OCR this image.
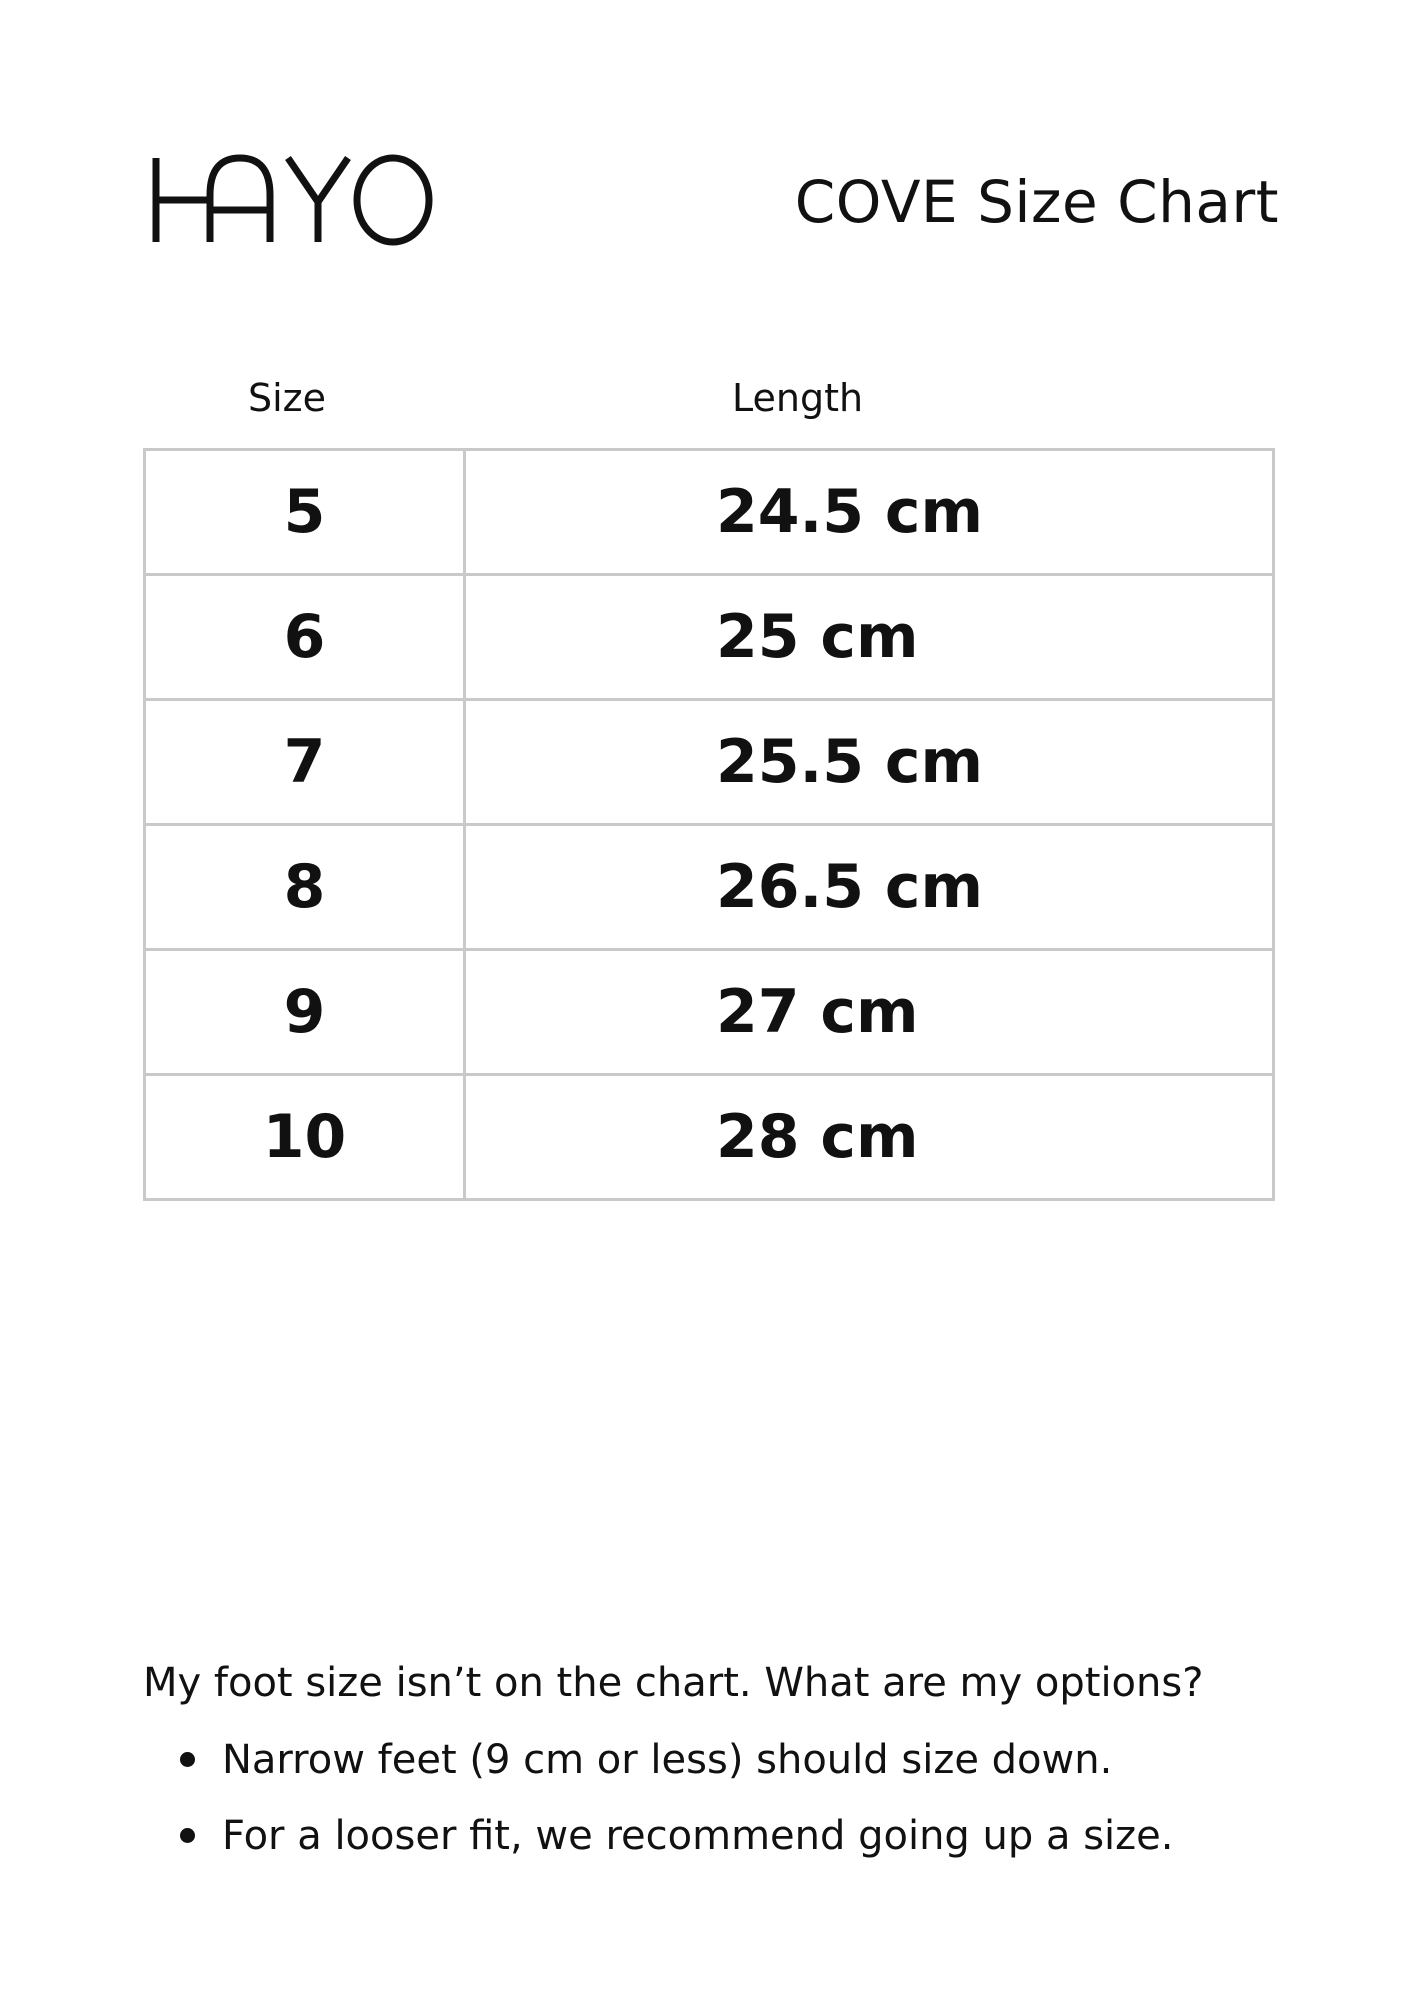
COVE Size Chart
Size	Length
5	24.5 cm
6	25 cm
7	25.5 cm
8	26.5 cm
9	27 cm
10	28 cm
My foot size isn’t on the chart. What are my options?
Narrow feet (9 cm or less) should size down.
For a looser fit, we recommend going up a size.
